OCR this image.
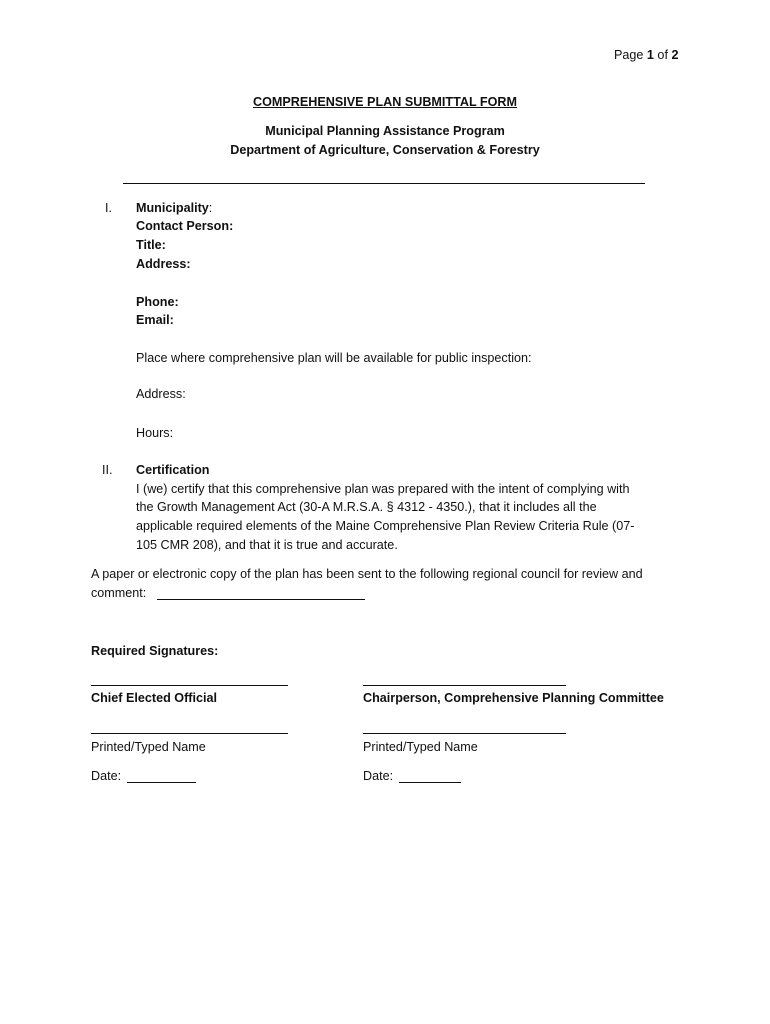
Page 1 of 2
COMPREHENSIVE PLAN SUBMITTAL FORM
Municipal Planning Assistance Program
Department of Agriculture, Conservation & Forestry
I. Municipality:
Contact Person:
Title:
Address:
Phone:
Email:
Place where comprehensive plan will be available for public inspection:
Address:
Hours:
II. Certification
I (we) certify that this comprehensive plan was prepared with the intent of complying with
the Growth Management Act (30-A M.R.S.A. § 4312 - 4350.), that it includes all the
applicable required elements of the Maine Comprehensive Plan Review Criteria Rule (07-
105 CMR 208), and that it is true and accurate.
A paper or electronic copy of the plan has been sent to the following regional council for review and
comment:
Required Signatures:
Chief Elected Official	Chairperson, Comprehensive Planning Committee
Printed/Typed Name	Printed/Typed Name
Date:	Date:
